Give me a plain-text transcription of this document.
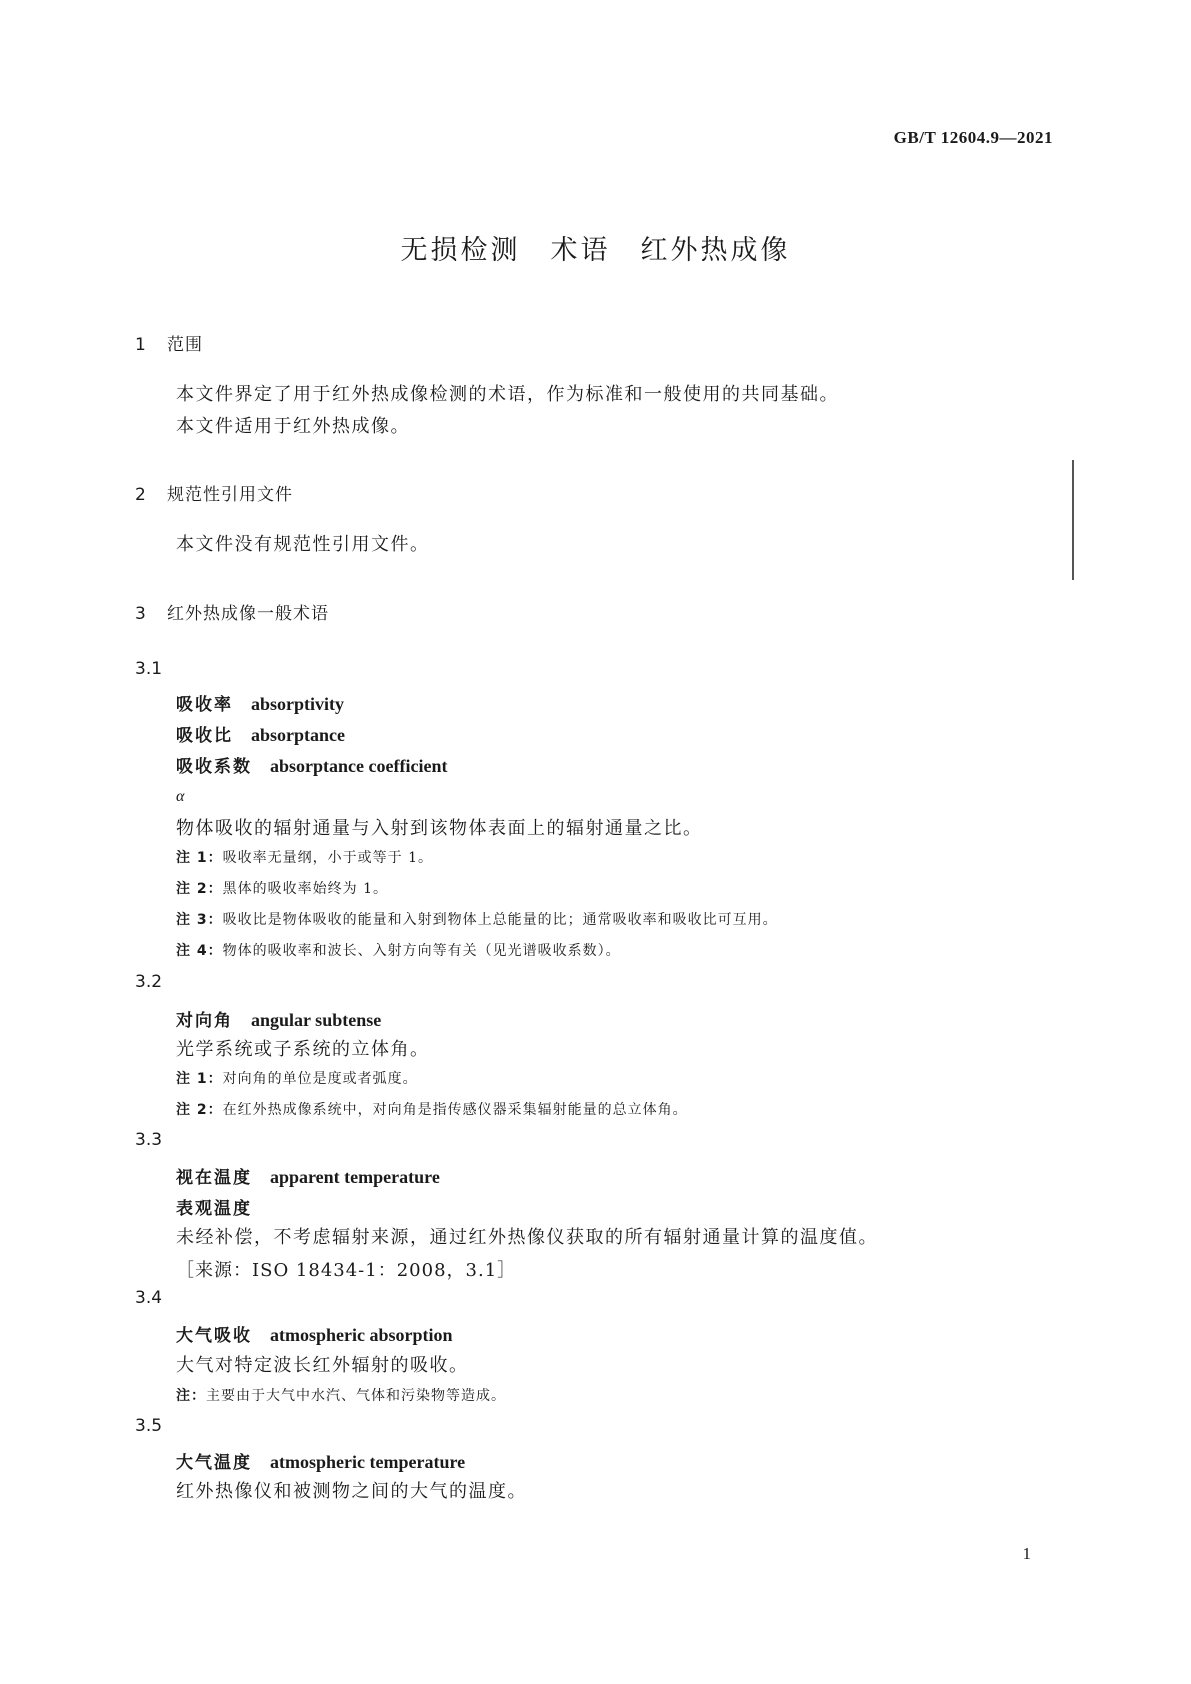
GB/T 12604.9—2021
无损检测　术语　红外热成像
1 范围
本文件界定了用于红外热成像检测的术语，作为标准和一般使用的共同基础。
本文件适用于红外热成像。
2 规范性引用文件
本文件没有规范性引用文件。
3 红外热成像一般术语
3.1
吸收率 absorptivity
吸收比 absorptance
吸收系数 absorptance coefficient
α
物体吸收的辐射通量与入射到该物体表面上的辐射通量之比。
注 1：吸收率无量纲，小于或等于 1。
注 2：黑体的吸收率始终为 1。
注 3：吸收比是物体吸收的能量和入射到物体上总能量的比；通常吸收率和吸收比可互用。
注 4：物体的吸收率和波长、入射方向等有关（见光谱吸收系数）。
3.2
对向角 angular subtense
光学系统或子系统的立体角。
注 1：对向角的单位是度或者弧度。
注 2：在红外热成像系统中，对向角是指传感仪器采集辐射能量的总立体角。
3.3
视在温度 apparent temperature
表观温度
未经补偿，不考虑辐射来源，通过红外热像仪获取的所有辐射通量计算的温度值。
［来源：ISO 18434-1：2008，3.1］
3.4
大气吸收 atmospheric absorption
大气对特定波长红外辐射的吸收。
注：主要由于大气中水汽、气体和污染物等造成。
3.5
大气温度 atmospheric temperature
红外热像仪和被测物之间的大气的温度。
1
